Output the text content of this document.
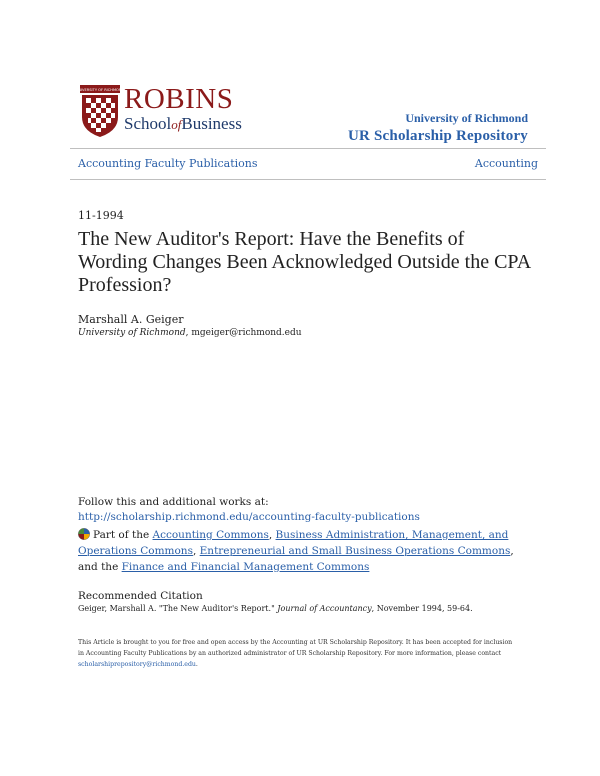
UNIVERSITY OF RICHMOND ROBINS
SchoolofBusiness	University of Richmond
UR Scholarship Repository
Accounting Faculty Publications	Accounting
11-1994
The New Auditor's Report: Have the Benefits of Wording Changes Been Acknowledged Outside the CPA Profession?
Marshall A. Geiger
University of Richmond, mgeiger@richmond.edu
Follow this and additional works at: http://scholarship.richmond.edu/accounting-faculty-publications
Part of the Accounting Commons, Business Administration, Management, and Operations Commons, Entrepreneurial and Small Business Operations Commons, and the Finance and Financial Management Commons
Recommended Citation
Geiger, Marshall A. "The New Auditor's Report." Journal of Accountancy, November 1994, 59-64.
This Article is brought to you for free and open access by the Accounting at UR Scholarship Repository. It has been accepted for inclusion in Accounting Faculty Publications by an authorized administrator of UR Scholarship Repository. For more information, please contact
scholarshiprepository@richmond.edu.
